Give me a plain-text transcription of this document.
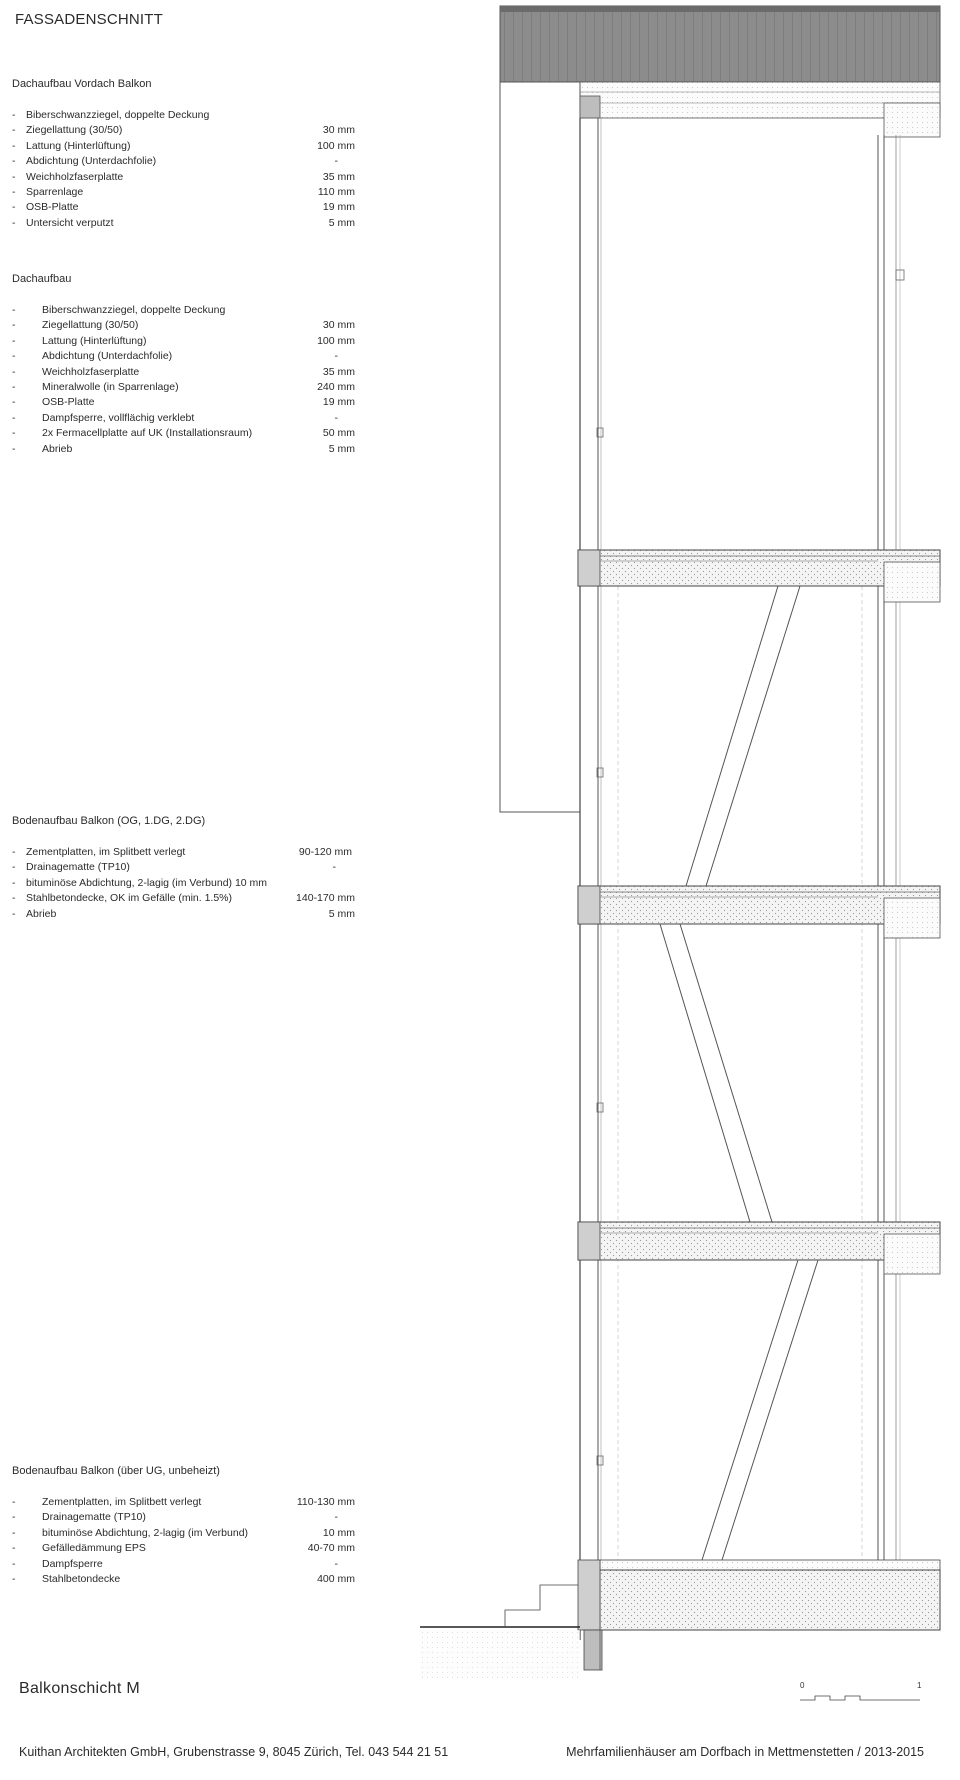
FASSADENSCHNITT
Dachaufbau Vordach Balkon
- Biberschwanzziegel, doppelte Deckung
- Ziegellattung (30/50)	30 mm
- Lattung (Hinterlüftung)	100 mm
- Abdichtung (Unterdachfolie)	-
- Weichholzfaserplatte	35 mm
- Sparrenlage	110 mm
- OSB-Platte	19 mm
- Untersicht verputzt	5 mm
Dachaufbau
-	Biberschwanzziegel, doppelte Deckung
-	Ziegellattung (30/50)	30 mm
-	Lattung (Hinterlüftung)	100 mm
-	Abdichtung (Unterdachfolie)	-
-	Weichholzfaserplatte	35 mm
-	Mineralwolle (in Sparrenlage)	240 mm
-	OSB-Platte	19 mm
-	Dampfsperre, vollflächig verklebt	-
-	2x Fermacellplatte auf UK (Installationsraum)	50 mm
-	Abrieb	5 mm
Bodenaufbau Balkon (OG, 1.DG, 2.DG)
- Zementplatten, im Splitbett verlegt	90-120 mm
- Drainagematte (TP10)	-
- bituminöse Abdichtung, 2-lagig (im Verbund) 10 mm
- Stahlbetondecke, OK im Gefälle (min. 1.5%)	140-170 mm
- Abrieb	5 mm
Bodenaufbau Balkon (über UG, unbeheizt)
-	Zementplatten, im Splitbett verlegt	110-130 mm
-	Drainagematte (TP10)	-
-	bituminöse Abdichtung, 2-lagig (im Verbund)	10 mm
-	Gefälledämmung EPS	40-70 mm
-	Dampfsperre	-
-	Stahlbetondecke	400 mm
0	1
Balkonschicht M
Kuithan Architekten GmbH, Grubenstrasse 9, 8045 Zürich, Tel. 043 544 21 51	Mehrfamilienhäuser am Dorfbach in Mettmenstetten / 2013-2015
